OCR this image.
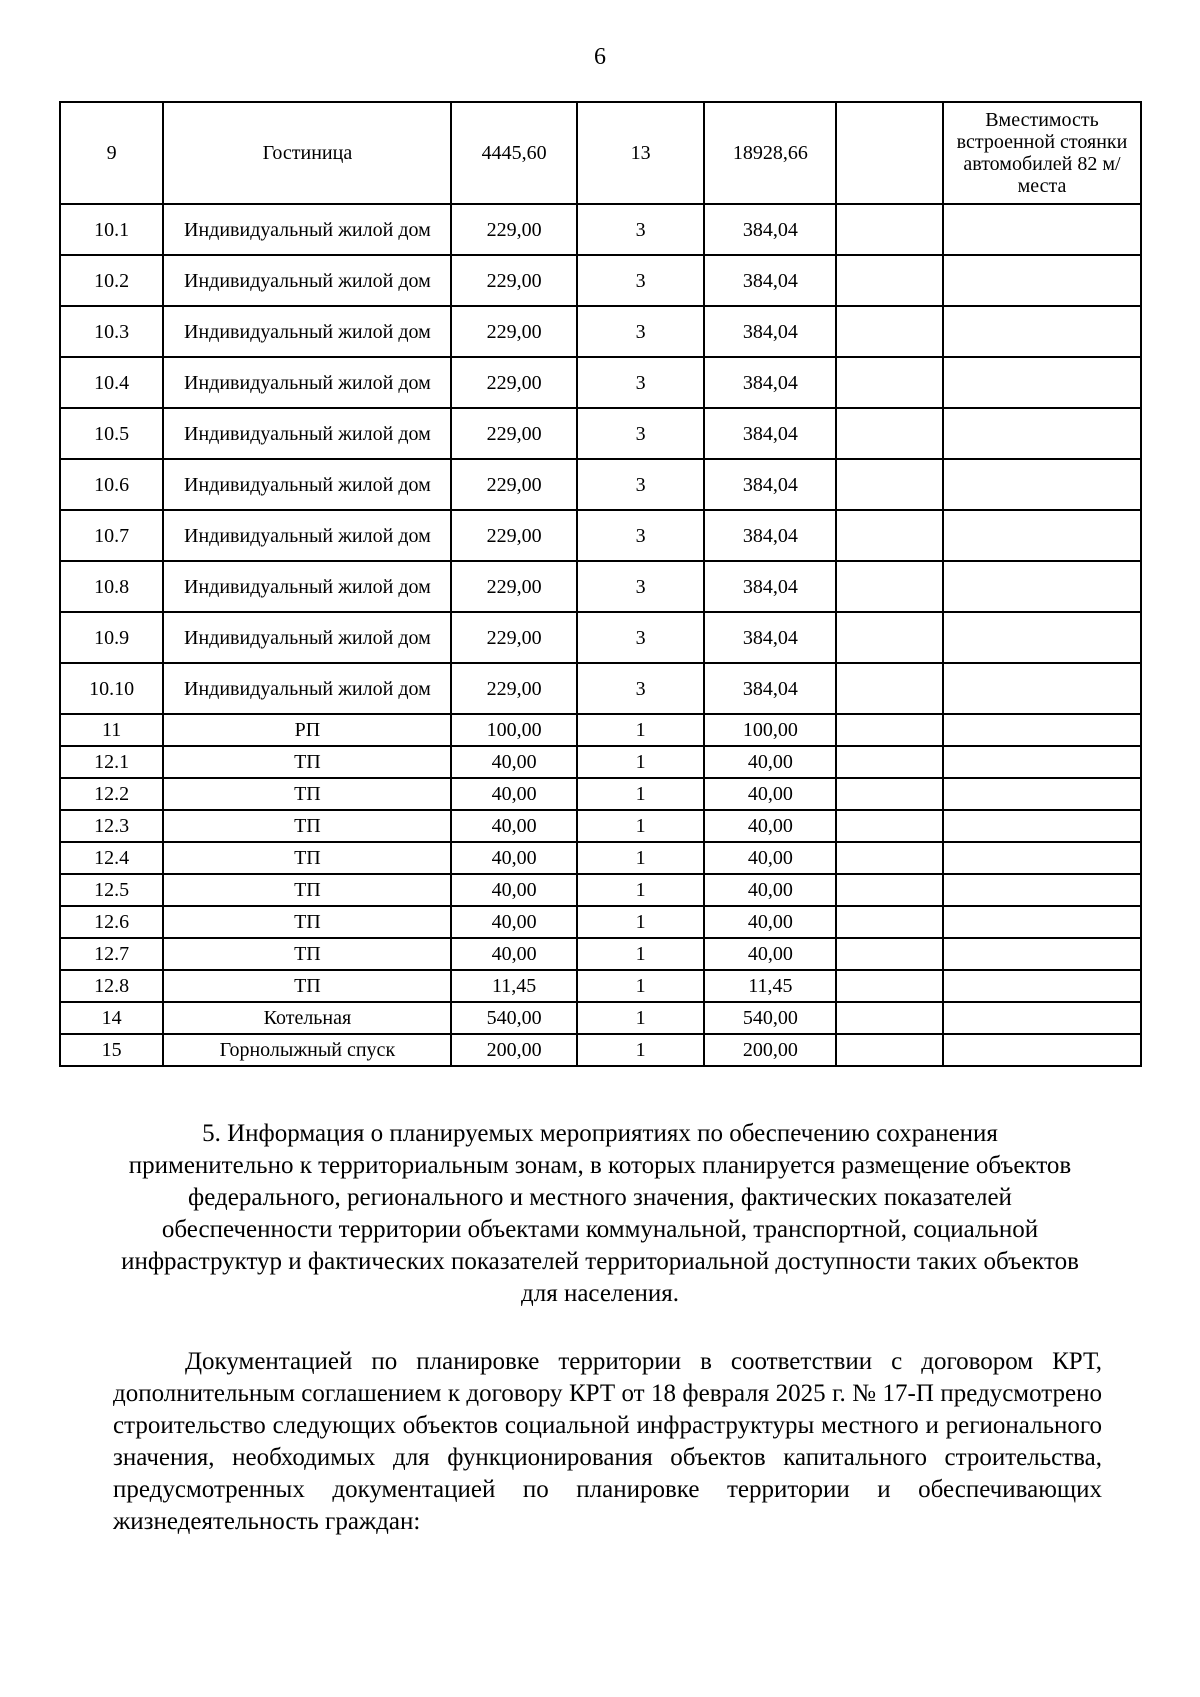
6
9	Гостиница	4445,60	13	18928,66		Вместимость встроенной стоянки автомобилей 82 м/места
10.1	Индивидуальный жилой дом	229,00	3	384,04		
10.2	Индивидуальный жилой дом	229,00	3	384,04		
10.3	Индивидуальный жилой дом	229,00	3	384,04		
10.4	Индивидуальный жилой дом	229,00	3	384,04		
10.5	Индивидуальный жилой дом	229,00	3	384,04		
10.6	Индивидуальный жилой дом	229,00	3	384,04		
10.7	Индивидуальный жилой дом	229,00	3	384,04		
10.8	Индивидуальный жилой дом	229,00	3	384,04		
10.9	Индивидуальный жилой дом	229,00	3	384,04		
10.10	Индивидуальный жилой дом	229,00	3	384,04		
11	РП	100,00	1	100,00		
12.1	ТП	40,00	1	40,00		
12.2	ТП	40,00	1	40,00		
12.3	ТП	40,00	1	40,00		
12.4	ТП	40,00	1	40,00		
12.5	ТП	40,00	1	40,00		
12.6	ТП	40,00	1	40,00		
12.7	ТП	40,00	1	40,00		
12.8	ТП	11,45	1	11,45		
14	Котельная	540,00	1	540,00		
15	Горнолыжный спуск	200,00	1	200,00		
5. Информация о планируемых мероприятиях по обеспечению сохранения применительно к территориальным зонам, в которых планируется размещение объектов федерального, регионального и местного значения, фактических показателей обеспеченности территории объектами коммунальной, транспортной, социальной инфраструктур и фактических показателей территориальной доступности таких объектов для населения.
Документацией по планировке территории в соответствии с договором КРТ, дополнительным соглашением к договору КРТ от 18 февраля 2025 г. № 17-П предусмотрено строительство следующих объектов социальной инфраструктуры местного и регионального значения, необходимых для функционирования объектов капитального строительства, предусмотренных документацией по планировке территории и обеспечивающих жизнедеятельность граждан:
